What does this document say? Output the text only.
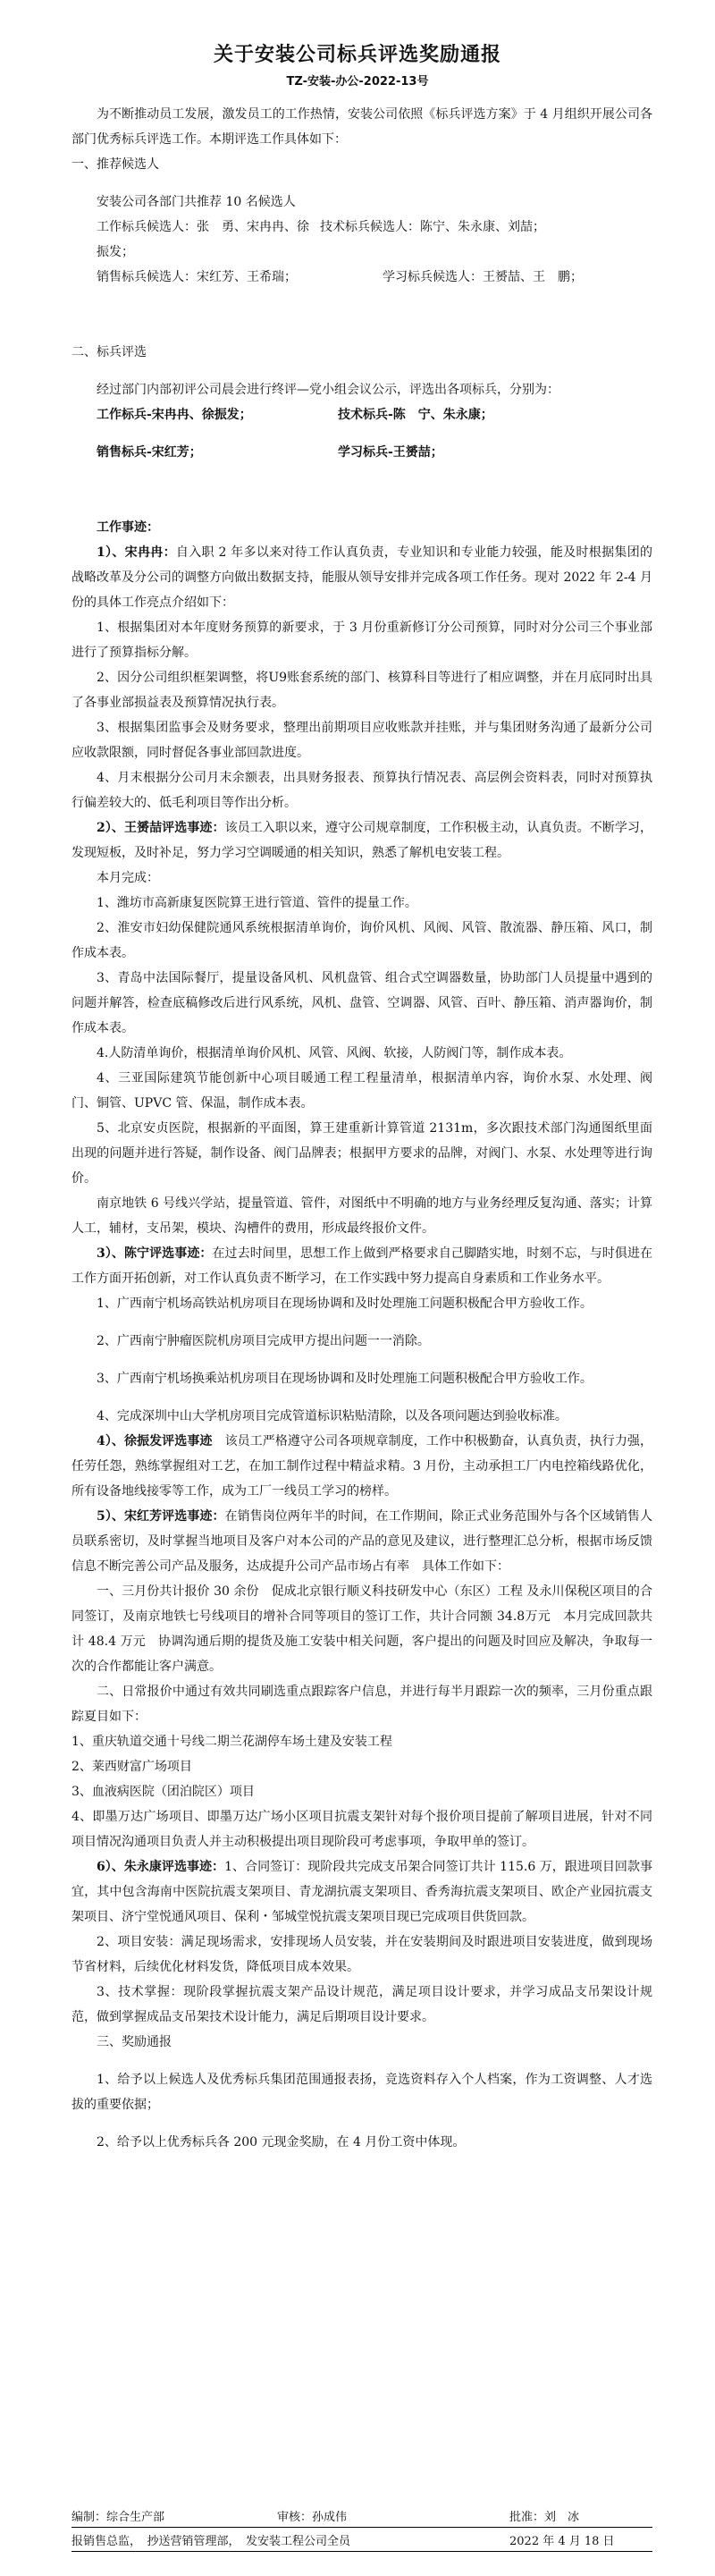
关于安装公司标兵评选奖励通报
TZ-安装-办公-2022-13号

为不断推动员工发展，激发员工的工作热情，安装公司依照《标兵评选方案》于 4 月组织开展公司各部门优秀标兵评选工作。本期评选工作具体如下：

一、推荐候选人

安装公司各部门共推荐 10 名候选人

工作标兵候选人：张　勇、宋冉冉、徐振发；
技术标兵候选人：陈宁、朱永康、刘喆；
销售标兵候选人：宋红芳、王希瑞；	学习标兵候选人：王赟喆、王　鹏；

二、标兵评选

经过部门内部初评公司晨会进行终评—党小组会议公示，评选出各项标兵，分别为：

工作标兵-宋冉冉、徐振发；	技术标兵-陈　宁、朱永康；
销售标兵-宋红芳；	学习标兵-王赟喆；

工作事迹：

1）、宋冉冉：自入职 2 年多以来对待工作认真负责，专业知识和专业能力较强，能及时根据集团的战略改革及分公司的调整方向做出数据支持，能服从领导安排并完成各项工作任务。现对 2022 年 2-4 月份的具体工作亮点介绍如下：

1、根据集团对本年度财务预算的新要求，于 3 月份重新修订分公司预算，同时对分公司三个事业部进行了预算指标分解。

2、因分公司组织框架调整，将U9账套系统的部门、核算科目等进行了相应调整，并在月底同时出具了各事业部损益表及预算情况执行表。

3、根据集团监事会及财务要求，整理出前期项目应收账款并挂账，并与集团财务沟通了最新分公司应收款限额，同时督促各事业部回款进度。

4、月末根据分公司月末余额表，出具财务报表、预算执行情况表、高层例会资料表，同时对预算执行偏差较大的、低毛利项目等作出分析。

2）、王赟喆评选事迹：该员工入职以来，遵守公司规章制度，工作积极主动，认真负责。不断学习，发现短板，及时补足，努力学习空调暖通的相关知识，熟悉了解机电安装工程。

本月完成：

1、潍坊市高新康复医院算王进行管道、管件的提量工作。

2、淮安市妇幼保健院通风系统根据清单询价，询价风机、风阀、风管、散流器、静压箱、风口，制作成本表。

3、青岛中法国际餐厅，提量设备风机、风机盘管、组合式空调器数量，协助部门人员提量中遇到的问题并解答，检查底稿修改后进行风系统，风机、盘管、空调器、风管、百叶、静压箱、消声器询价，制作成本表。

4.人防清单询价，根据清单询价风机、风管、风阀、软接，人防阀门等，制作成本表。

4、三亚国际建筑节能创新中心项目暖通工程工程量清单，根据清单内容，询价水泵、水处理、阀门、铜管、UPVC 管、保温，制作成本表。

5、北京安贞医院，根据新的平面图，算王建重新计算管道 2131m，多次跟技术部门沟通图纸里面出现的问题并进行答疑，制作设备、阀门品牌表；根据甲方要求的品牌，对阀门、水泵、水处理等进行询价。

南京地铁 6 号线兴学站，提量管道、管件，对图纸中不明确的地方与业务经理反复沟通、落实；计算人工，辅材，支吊架，模块、沟槽件的费用，形成最终报价文件。

3）、陈宁评选事迹：在过去时间里，思想工作上做到严格要求自己脚踏实地，时刻不忘，与时俱进在工作方面开拓创新，对工作认真负责不断学习，在工作实践中努力提高自身素质和工作业务水平。

1、广西南宁机场高铁站机房项目在现场协调和及时处理施工问题积极配合甲方验收工作。

2、广西南宁肿瘤医院机房项目完成甲方提出问题一一消除。

3、广西南宁机场换乘站机房项目在现场协调和及时处理施工问题积极配合甲方验收工作。

4、完成深圳中山大学机房项目完成管道标识粘贴清除，以及各项问题达到验收标准。

4）、徐振发评选事迹　 该员工严格遵守公司各项规章制度，工作中积极勤奋，认真负责，执行力强，任劳任怨，熟练掌握组对工艺，在加工制作过程中精益求精。3 月份，主动承担工厂内电控箱线路优化，所有设备地线接零等工作，成为工厂一线员工学习的榜样。

5）、宋红芳评选事迹：在销售岗位两年半的时间，在工作期间，除正式业务范围外与各个区域销售人员联系密切，及时掌握当地项目及客户对本公司的产品的意见及建议，进行整理汇总分析，根据市场反馈信息不断完善公司产品及服务，达成提升公司产品市场占有率　具体工作如下：

一、三月份共计报价 30 余份　促成北京银行顺义科技研发中心（东区）工程 及永川保税区项目的合同签订，及南京地铁七号线项目的增补合同等项目的签订工作，共计合同额 34.8万元　本月完成回款共计 48.4 万元　协调沟通后期的提货及施工安装中相关问题，客户提出的问题及时回应及解决，争取每一次的合作都能让客户满意。

二、日常报价中通过有效共同刷选重点跟踪客户信息，并进行每半月跟踪一次的频率，三月份重点跟踪夏目如下：

1、重庆轨道交通十号线二期兰花湖停车场土建及安装工程

2、莱西财富广场项目

3、血液病医院（团泊院区）项目

4、即墨万达广场项目、即墨万达广场小区项目抗震支架针对每个报价项目提前了解项目进展，针对不同项目情况沟通项目负责人并主动积极提出项目现阶段可考虑事项，争取甲单的签订。

6）、朱永康评选事迹：1、合同签订：现阶段共完成支吊架合同签订共计 115.6 万，跟进项目回款事宜，其中包含海南中医院抗震支架项目、青龙湖抗震支架项目、香秀海抗震支架项目、欧企产业园抗震支架项目、济宁堂悦通风项目、保利・邹城堂悦抗震支架项目现已完成项目供货回款。

2、项目安装：满足现场需求，安排现场人员安装，并在安装期间及时跟进项目安装进度，做到现场节省材料，后续优化材料发货，降低项目成本效果。

3、技术掌握：现阶段掌握抗震支架产品设计规范，满足项目设计要求，并学习成品支吊架设计规范，做到掌握成品支吊架技术设计能力，满足后期项目设计要求。

三、奖励通报

1、给予以上候选人及优秀标兵集团范围通报表扬，竞选资料存入个人档案，作为工资调整、人才选拔的重要依据；

2、给予以上优秀标兵各 200 元现金奖励，在 4 月份工资中体现。

编制：综合生产部	审核：孙成伟	批准：刘　冰
报销售总监，　抄送营销管理部，　发安装工程公司全员	2022 年 4 月 18 日
